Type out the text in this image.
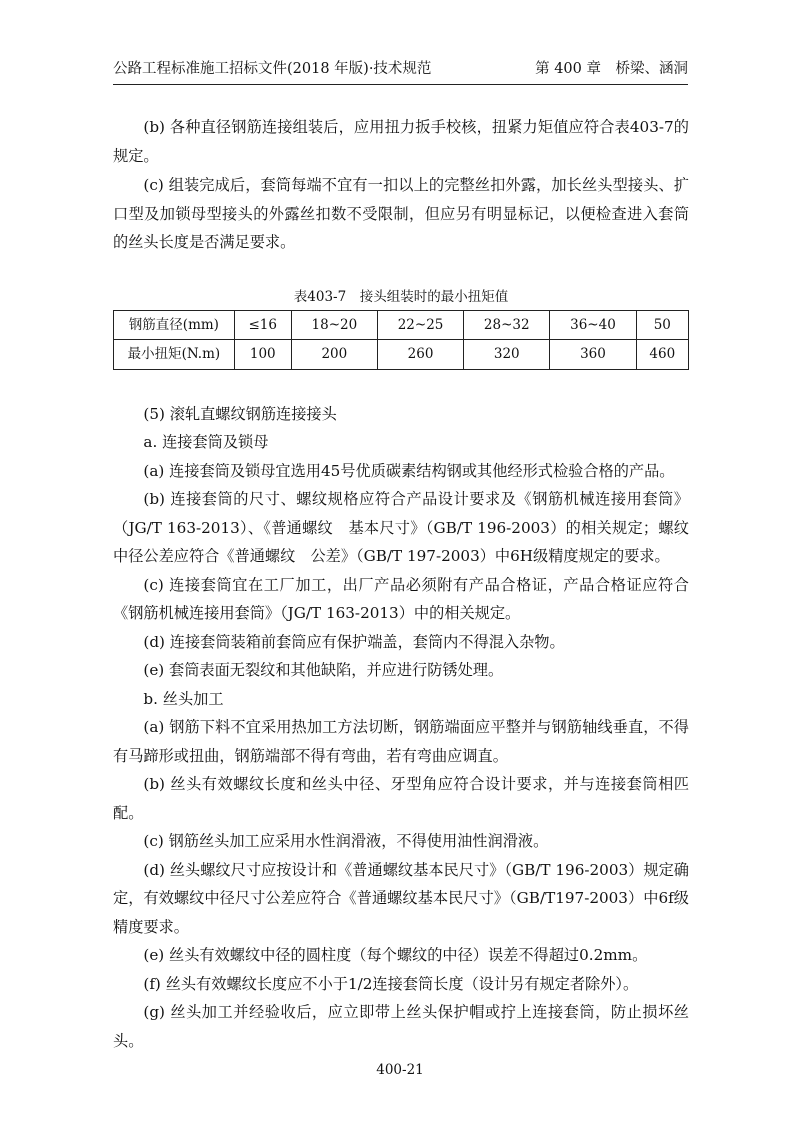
公路工程标准施工招标文件(2018 年版)·技术规范	第 400 章　桥梁、涵洞

(b) 各种直径钢筋连接组装后，应用扭力扳手校核，扭紧力矩值应符合表403-7的规定。

(c) 组装完成后，套筒每端不宜有一扣以上的完整丝扣外露，加长丝头型接头、扩口型及加锁母型接头的外露丝扣数不受限制，但应另有明显标记，以便检查进入套筒的丝头长度是否满足要求。

表403-7　接头组装时的最小扭矩值
钢筋直径(mm)	≤16	18~20	22~25	28~32	36~40	50
最小扭矩(N.m)	100	200	260	320	360	460

(5) 滚轧直螺纹钢筋连接接头

a. 连接套筒及锁母

(a) 连接套筒及锁母宜选用45号优质碳素结构钢或其他经形式检验合格的产品。

(b) 连接套筒的尺寸、螺纹规格应符合产品设计要求及《钢筋机械连接用套筒》（JG/T 163-2013）、《普通螺纹　基本尺寸》（GB/T 196-2003）的相关规定；螺纹中径公差应符合《普通螺纹　公差》（GB/T 197-2003）中6H级精度规定的要求。

(c) 连接套筒宜在工厂加工，出厂产品必须附有产品合格证，产品合格证应符合《钢筋机械连接用套筒》（JG/T 163-2013）中的相关规定。

(d) 连接套筒装箱前套筒应有保护端盖，套筒内不得混入杂物。

(e) 套筒表面无裂纹和其他缺陷，并应进行防锈处理。

b. 丝头加工

(a) 钢筋下料不宜采用热加工方法切断，钢筋端面应平整并与钢筋轴线垂直，不得有马蹄形或扭曲，钢筋端部不得有弯曲，若有弯曲应调直。

(b) 丝头有效螺纹长度和丝头中径、牙型角应符合设计要求，并与连接套筒相匹配。

(c) 钢筋丝头加工应采用水性润滑液，不得使用油性润滑液。

(d) 丝头螺纹尺寸应按设计和《普通螺纹基本民尺寸》（GB/T 196-2003）规定确定，有效螺纹中径尺寸公差应符合《普通螺纹基本民尺寸》（GB/T197-2003）中6f级精度要求。

(e) 丝头有效螺纹中径的圆柱度（每个螺纹的中径）误差不得超过0.2mm。

(f) 丝头有效螺纹长度应不小于1/2连接套筒长度（设计另有规定者除外）。

(g) 丝头加工并经验收后，应立即带上丝头保护帽或拧上连接套筒，防止损坏丝头。

400-21
